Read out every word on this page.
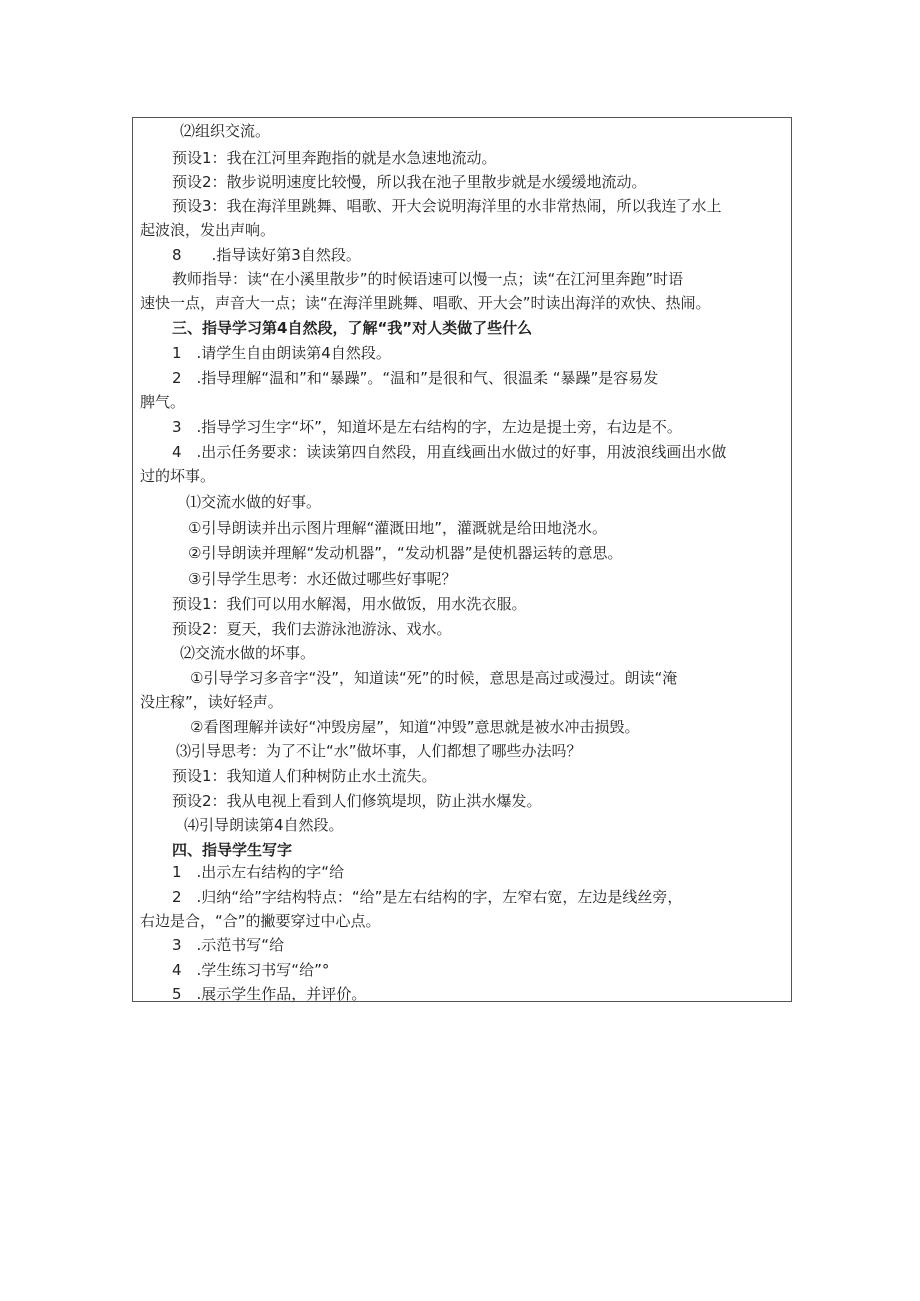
⑵组织交流。
预设1：我在江河里奔跑指的就是水急速地流动。
预设2：散步说明速度比较慢，所以我在池子里散步就是水缓缓地流动。
预设3：我在海洋里跳舞、唱歌、开大会说明海洋里的水非常热闹，所以我连了水上
起波浪，发出声响。
8　　.指导读好第3自然段。
教师指导：读“在小溪里散步”的时候语速可以慢一点；读“在江河里奔跑”时语
速快一点，声音大一点；读“在海洋里跳舞、唱歌、开大会”时读出海洋的欢快、热闹。
三、指导学习第4自然段，了解“我”对人类做了些什么
1　.请学生自由朗读第4自然段。
2　.指导理解“温和”和“暴躁”。“温和”是很和气、很温柔 “暴躁”是容易发
脾气。
3　.指导学习生字“坏”，知道坏是左右结构的字，左边是提土旁，右边是不。
4　.出示任务要求：读读第四自然段，用直线画出水做过的好事，用波浪线画出水做
过的坏事。
⑴交流水做的好事。
①引导朗读并出示图片理解“灌溉田地”，灌溉就是给田地浇水。
②引导朗读并理解“发动机器”，“发动机器”是使机器运转的意思。
③引导学生思考：水还做过哪些好事呢？
预设1：我们可以用水解渴，用水做饭，用水洗衣服。
预设2：夏天，我们去游泳池游泳、戏水。
⑵交流水做的坏事。
①引导学习多音字“没”，知道读“死”的时候，意思是高过或漫过。朗读“淹
没庄稼”，读好轻声。
②看图理解并读好“冲毁房屋”，知道“冲毁”意思就是被水冲击损毁。
⑶引导思考：为了不让“水”做坏事，人们都想了哪些办法吗？
预设1：我知道人们种树防止水土流失。
预设2：我从电视上看到人们修筑堤坝，防止洪水爆发。
⑷引导朗读第4自然段。
四、指导学生写字
1　.出示左右结构的字“给
2　.归纳“给”字结构特点：“给”是左右结构的字，左窄右宽，左边是线丝旁，
右边是合，“合”的撇要穿过中心点。
3　.示范书写“给
4　.学生练习书写“给”°
5　.展示学生作品，并评价。
